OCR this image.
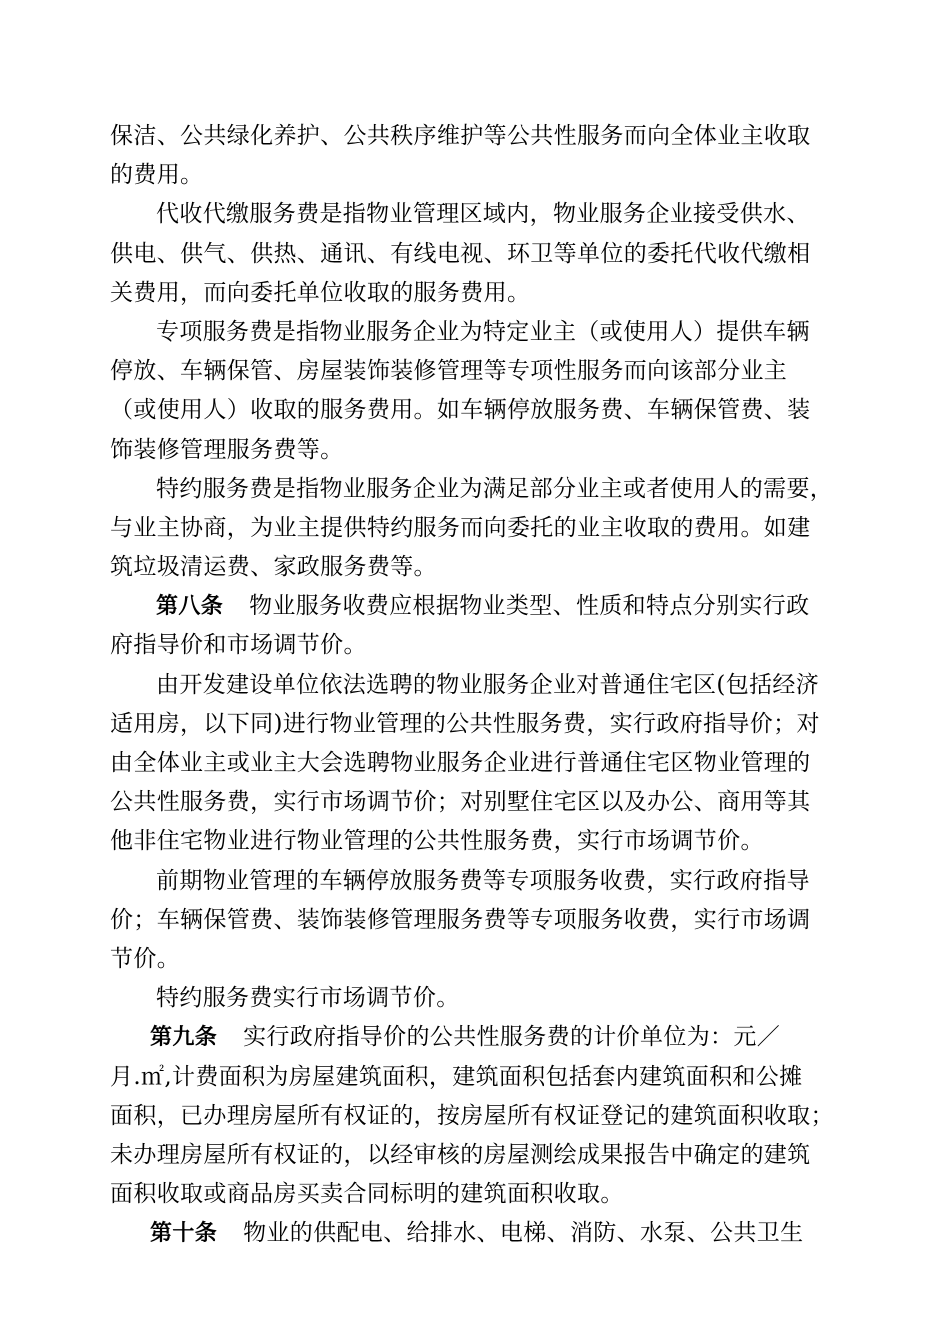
保洁、公共绿化养护、公共秩序维护等公共性服务而向全体业主收取
的费用。
代收代缴服务费是指物业管理区域内，物业服务企业接受供水、
供电、供气、供热、通讯、有线电视、环卫等单位的委托代收代缴相
关费用，而向委托单位收取的服务费用。
专项服务费是指物业服务企业为特定业主（或使用人）提供车辆
停放、车辆保管、房屋装饰装修管理等专项性服务而向该部分业主
（或使用人）收取的服务费用。如车辆停放服务费、车辆保管费、装
饰装修管理服务费等。
特约服务费是指物业服务企业为满足部分业主或者使用人的需要，
与业主协商，为业主提供特约服务而向委托的业主收取的费用。如建
筑垃圾清运费、家政服务费等。
第八条 物业服务收费应根据物业类型、性质和特点分别实行政
府指导价和市场调节价。
由开发建设单位依法选聘的物业服务企业对普通住宅区(包括经济
适用房，以下同)进行物业管理的公共性服务费，实行政府指导价；对
由全体业主或业主大会选聘物业服务企业进行普通住宅区物业管理的
公共性服务费，实行市场调节价；对别墅住宅区以及办公、商用等其
他非住宅物业进行物业管理的公共性服务费，实行市场调节价。
前期物业管理的车辆停放服务费等专项服务收费，实行政府指导
价；车辆保管费、装饰装修管理服务费等专项服务收费，实行市场调
节价。
特约服务费实行市场调节价。
第九条 实行政府指导价的公共性服务费的计价单位为：元／
月.㎡,计费面积为房屋建筑面积，建筑面积包括套内建筑面积和公摊
面积，已办理房屋所有权证的，按房屋所有权证登记的建筑面积收取；
未办理房屋所有权证的，以经审核的房屋测绘成果报告中确定的建筑
面积收取或商品房买卖合同标明的建筑面积收取。
第十条 物业的供配电、给排水、电梯、消防、水泵、公共卫生
